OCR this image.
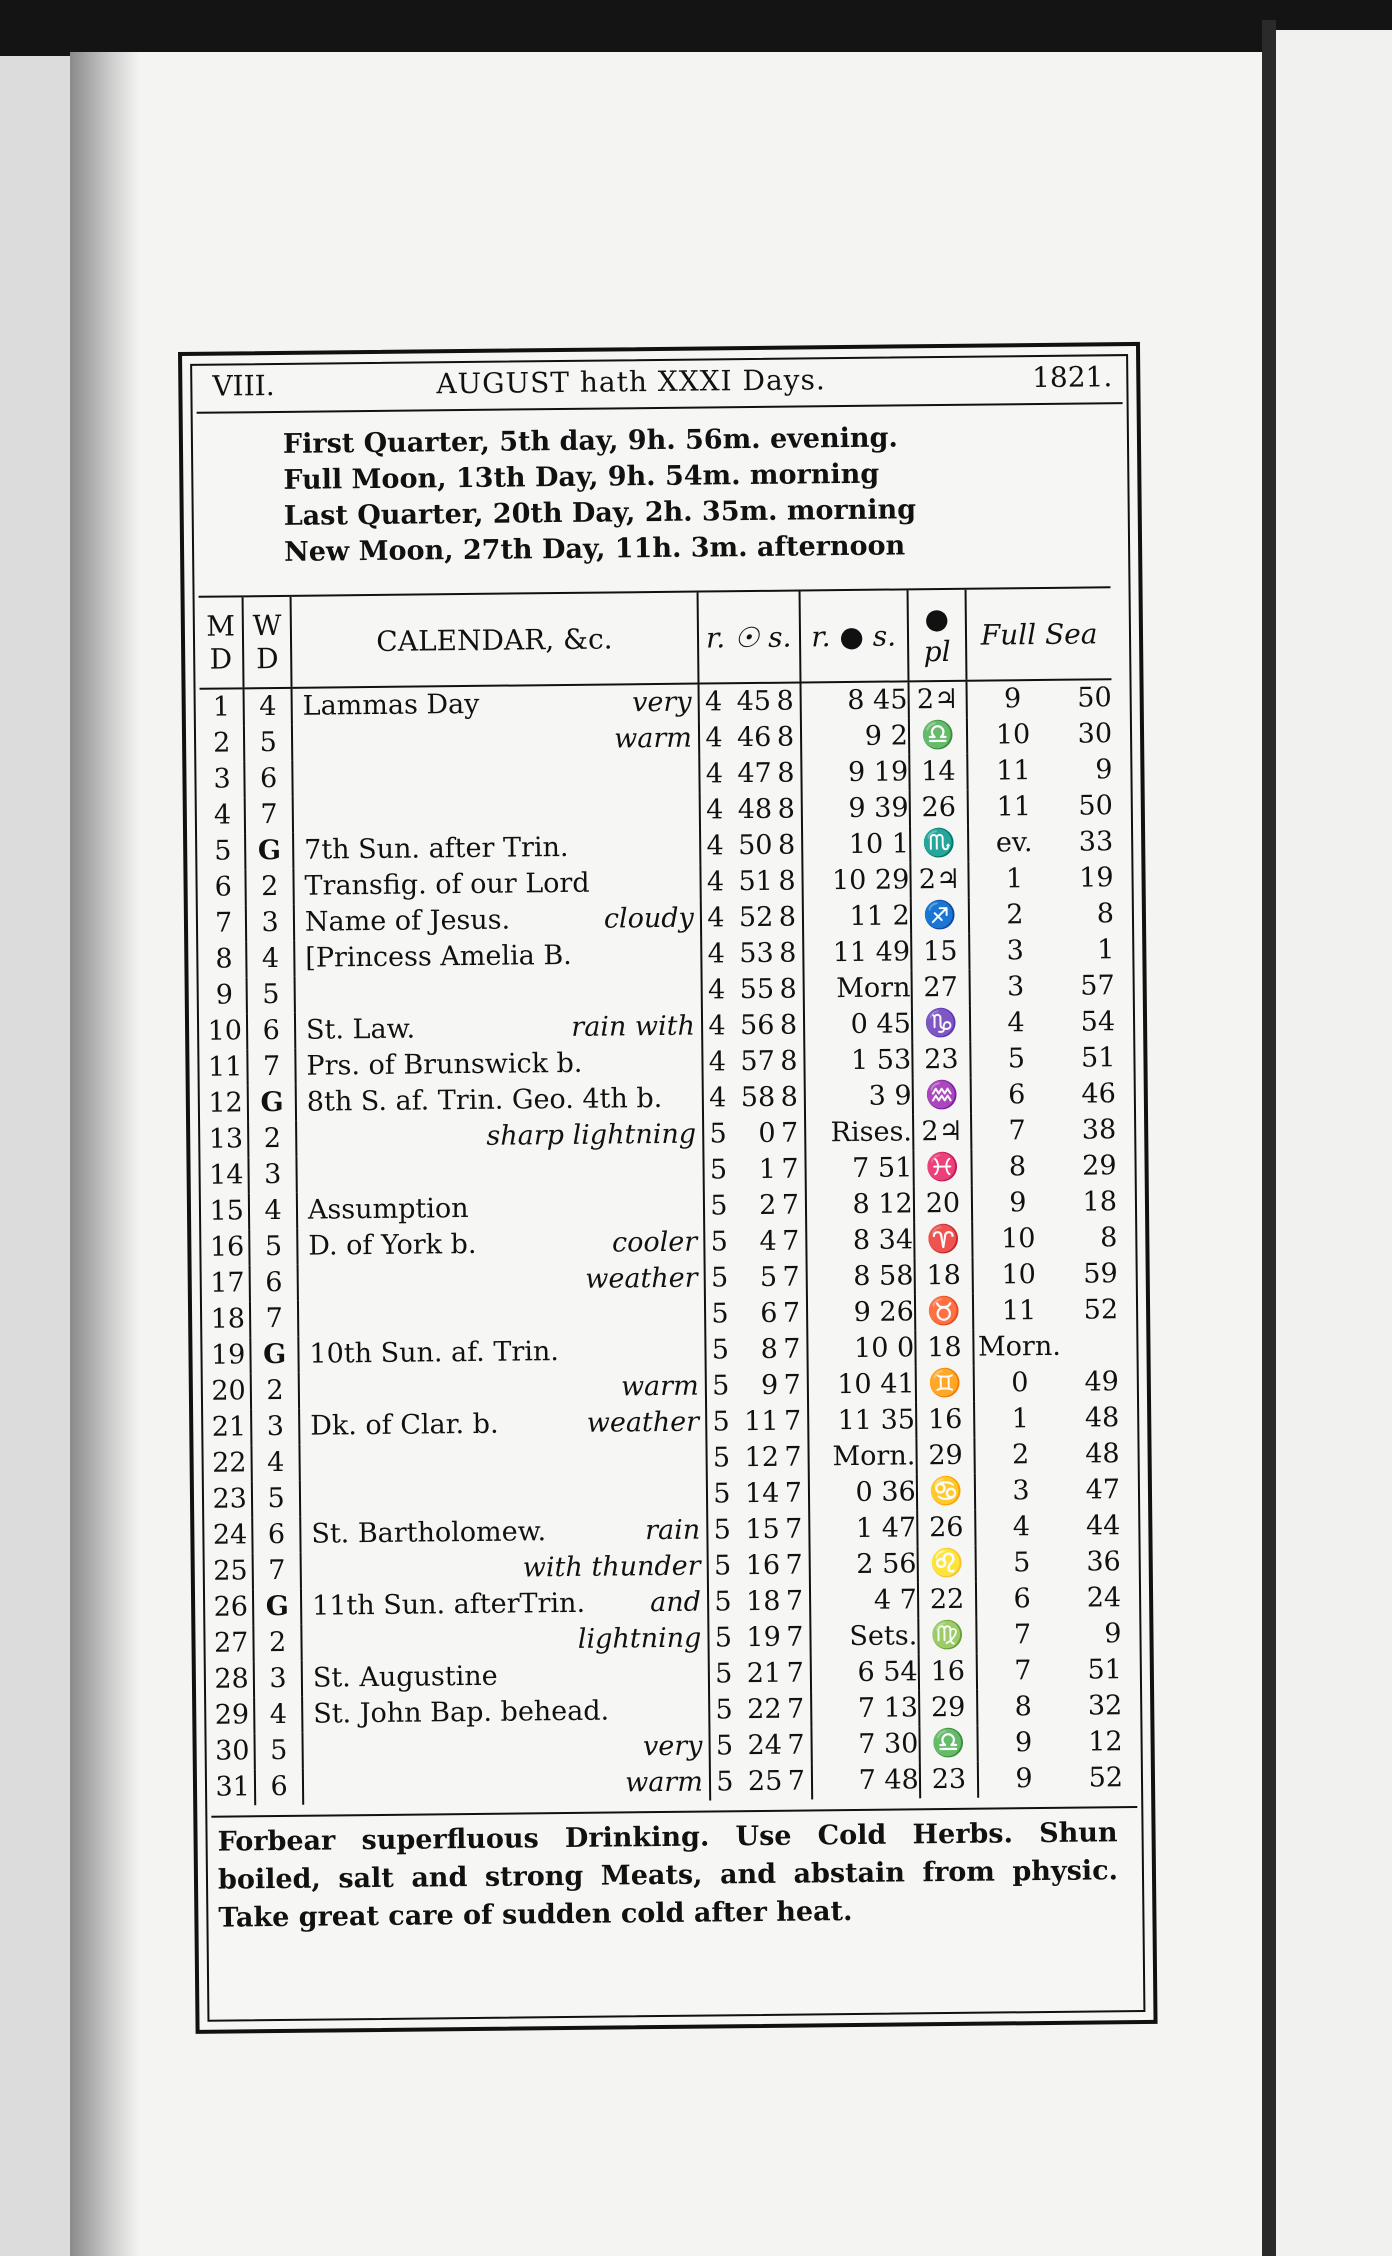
VIII.	AUGUST hath XXXI Days.	1821.
First Quarter, 5th day, 9h. 56m. evening.
Full Moon, 13th Day, 9h. 54m. morning
Last Quarter, 20th Day, 2h. 35m. morning
New Moon, 27th Day, 11h. 3m. afternoon
M D	W D	CALENDAR, &c.	r. ☉ s.			r. ● s.	● pl	Full Sea	
1	4	Lammas Day very	4	45	8	8 45	2♃	9	50
2	5	warm	4	46	8	9 2	♎	10	30
3	6		4	47	8	9 19	14	11	9
4	7		4	48	8	9 39	26	11	50
5	G	7th Sun. after Trin.	4	50	8	10 1	♏	ev.	33
6	2	Transfig. of our Lord	4	51	8	10 29	2♃	1	19
7	3	Name of Jesus. cloudy	4	52	8	11 2	♐	2	8
8	4	[Princess Amelia B.	4	53	8	11 49	15	3	1
9	5		4	55	8	Morn	27	3	57
10	6	St. Law. rain with	4	56	8	0 45	♑	4	54
11	7	Prs. of Brunswick b.	4	57	8	1 53	23	5	51
12	G	8th S. af. Trin. Geo. 4th b.	4	58	8	3 9	♒	6	46
13	2	sharp lightning	5	0	7	Rises.	2♃	7	38
14	3		5	1	7	7 51	♓	8	29
15	4	Assumption	5	2	7	8 12	20	9	18
16	5	D. of York b. cooler	5	4	7	8 34	♈	10	8
17	6	weather	5	5	7	8 58	18	10	59
18	7		5	6	7	9 26	♉	11	52
19	G	10th Sun. af. Trin.	5	8	7	10 0	18	Morn.	
20	2	warm	5	9	7	10 41	♊	0	49
21	3	Dk. of Clar. b. weather	5	11	7	11 35	16	1	48
22	4		5	12	7	Morn.	29	2	48
23	5		5	14	7	0 36	♋	3	47
24	6	St. Bartholomew. rain	5	15	7	1 47	26	4	44
25	7	with thunder	5	16	7	2 56	♌	5	36
26	G	11th Sun. afterTrin. and	5	18	7	4 7	22	6	24
27	2	lightning	5	19	7	Sets.	♍	7	9
28	3	St. Augustine	5	21	7	6 54	16	7	51
29	4	St. John Bap. behead.	5	22	7	7 13	29	8	32
30	5	very	5	24	7	7 30	♎	9	12
31	6	warm	5	25	7	7 48	23	9	52
Forbear superfluous Drinking. Use Cold Herbs. Shun boiled, salt and strong Meats, and abstain from physic. Take great care of sudden cold after heat.
